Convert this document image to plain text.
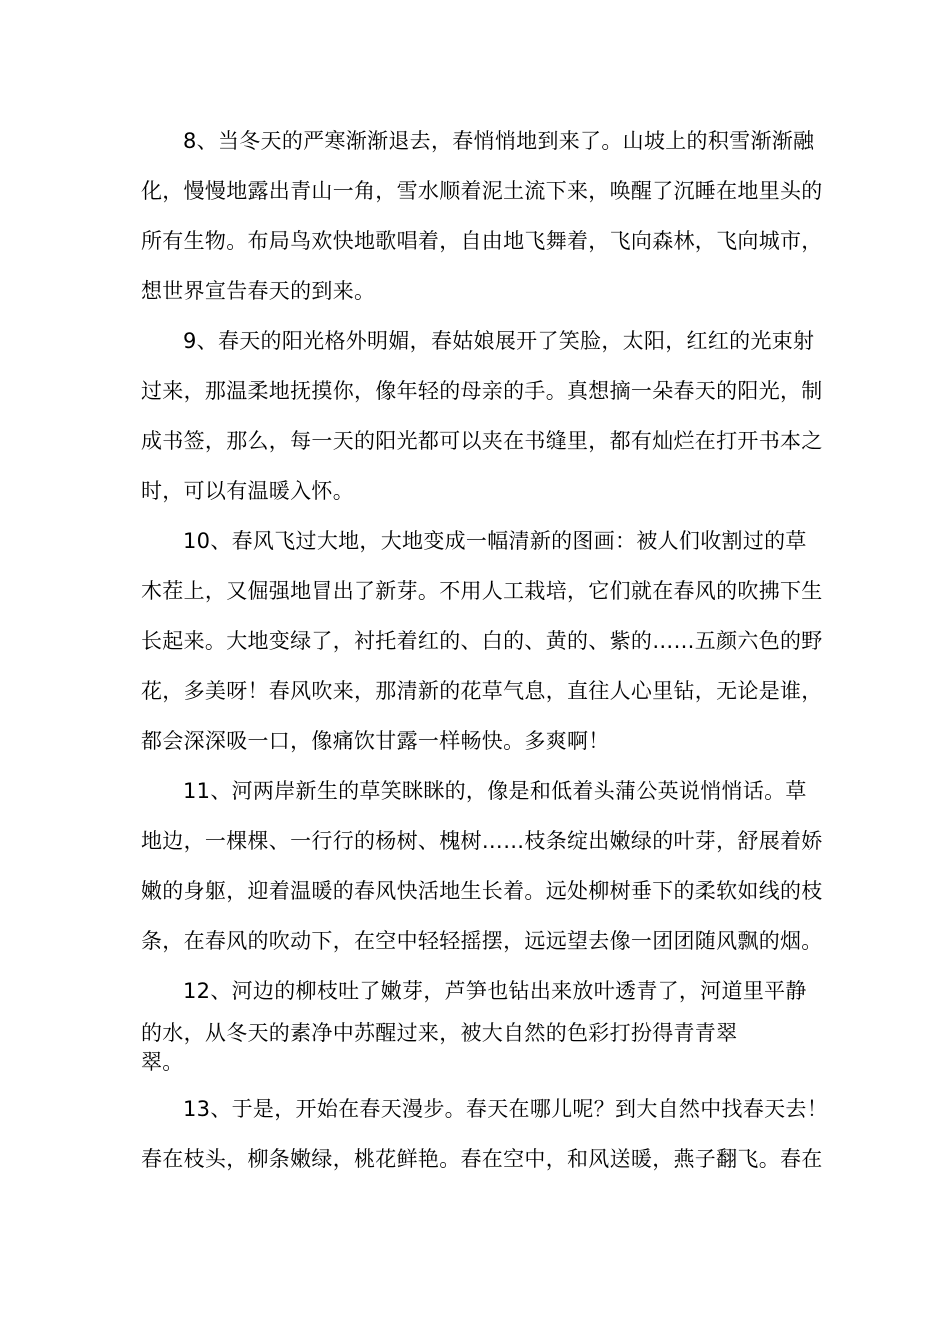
8、当冬天的严寒渐渐退去，春悄悄地到来了。山坡上的积雪渐渐融
化，慢慢地露出青山一角，雪水顺着泥土流下来，唤醒了沉睡在地里头的
所有生物。布局鸟欢快地歌唱着，自由地飞舞着，飞向森林，飞向城市，
想世界宣告春天的到来。
9、春天的阳光格外明媚，春姑娘展开了笑脸，太阳，红红的光束射
过来，那温柔地抚摸你，像年轻的母亲的手。真想摘一朵春天的阳光，制
成书签，那么，每一天的阳光都可以夹在书缝里，都有灿烂在打开书本之
时，可以有温暖入怀。
10、春风飞过大地，大地变成一幅清新的图画：被人们收割过的草
木茬上，又倔强地冒出了新芽。不用人工栽培，它们就在春风的吹拂下生
长起来。大地变绿了，衬托着红的、白的、黄的、紫的……五颜六色的野
花，多美呀！春风吹来，那清新的花草气息，直往人心里钻，无论是谁，
都会深深吸一口，像痛饮甘露一样畅快。多爽啊！
11、河两岸新生的草笑眯眯的，像是和低着头蒲公英说悄悄话。草
地边，一棵棵、一行行的杨树、槐树……枝条绽出嫩绿的叶芽，舒展着娇
嫩的身躯，迎着温暖的春风快活地生长着。远处柳树垂下的柔软如线的枝
条，在春风的吹动下，在空中轻轻摇摆，远远望去像一团团随风飘的烟。
12、河边的柳枝吐了嫩芽，芦笋也钻出来放叶透青了，河道里平静
的水，从冬天的素净中苏醒过来，被大自然的色彩打扮得青青翠
翠。
13、于是，开始在春天漫步。春天在哪儿呢？到大自然中找春天去！
春在枝头，柳条嫩绿，桃花鲜艳。春在空中，和风送暖，燕子翻飞。春在
